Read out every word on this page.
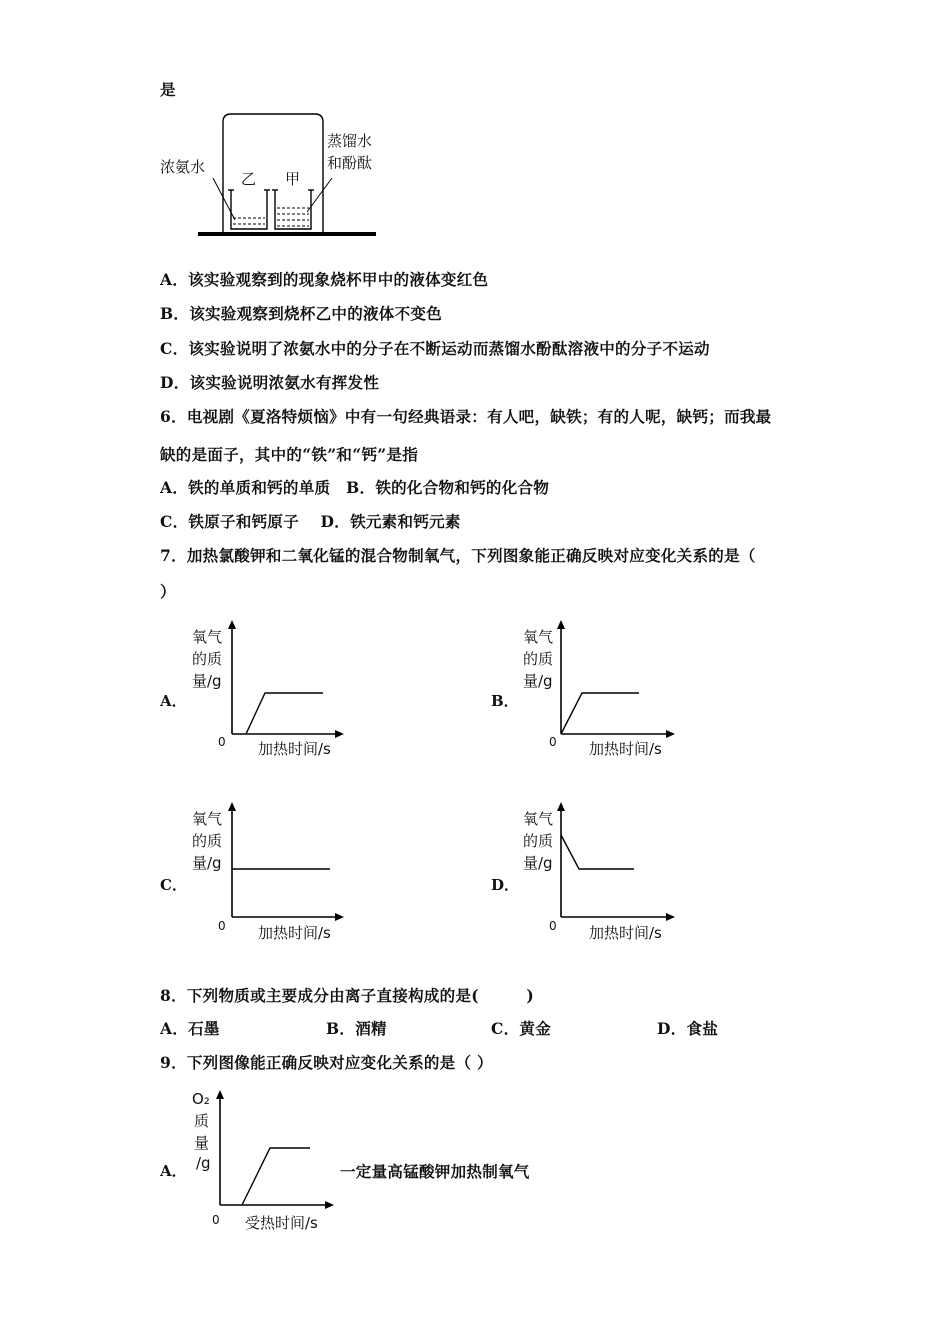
是
浓氨水
乙 甲
蒸馏水
和酚酞
A．该实验观察到的现象烧杯甲中的液体变红色
B．该实验观察到烧杯乙中的液体不变色
C．该实验说明了浓氨水中的分子在不断运动而蒸馏水酚酞溶液中的分子不运动
D．该实验说明浓氨水有挥发性
6．电视剧《夏洛特烦恼》中有一句经典语录：有人吧，缺铁；有的人呢，缺钙；而我最
缺的是面子，其中的“铁”和“钙”是指
A．铁的单质和钙的单质　B．铁的化合物和钙的化合物
C．铁原子和钙原子　 D．铁元素和钙元素
7．加热氯酸钾和二氧化锰的混合物制氧气，下列图象能正确反映对应变化关系的是（
）
A．
氧气
的质
量/g
0 加热时间/s
B．
氧气
的质
量/g
0 加热时间/s
C．
氧气
的质
量/g
0 加热时间/s
D．
氧气
的质
量/g
0 加热时间/s
8．下列物质或主要成分由离子直接构成的是(　　　)
A．石墨	B．酒精	C．黄金	D．食盐
9．下列图像能正确反映对应变化关系的是（ ）
A．
O₂
质
量
/g
0 受热时间/s
一定量高锰酸钾加热制氧气
